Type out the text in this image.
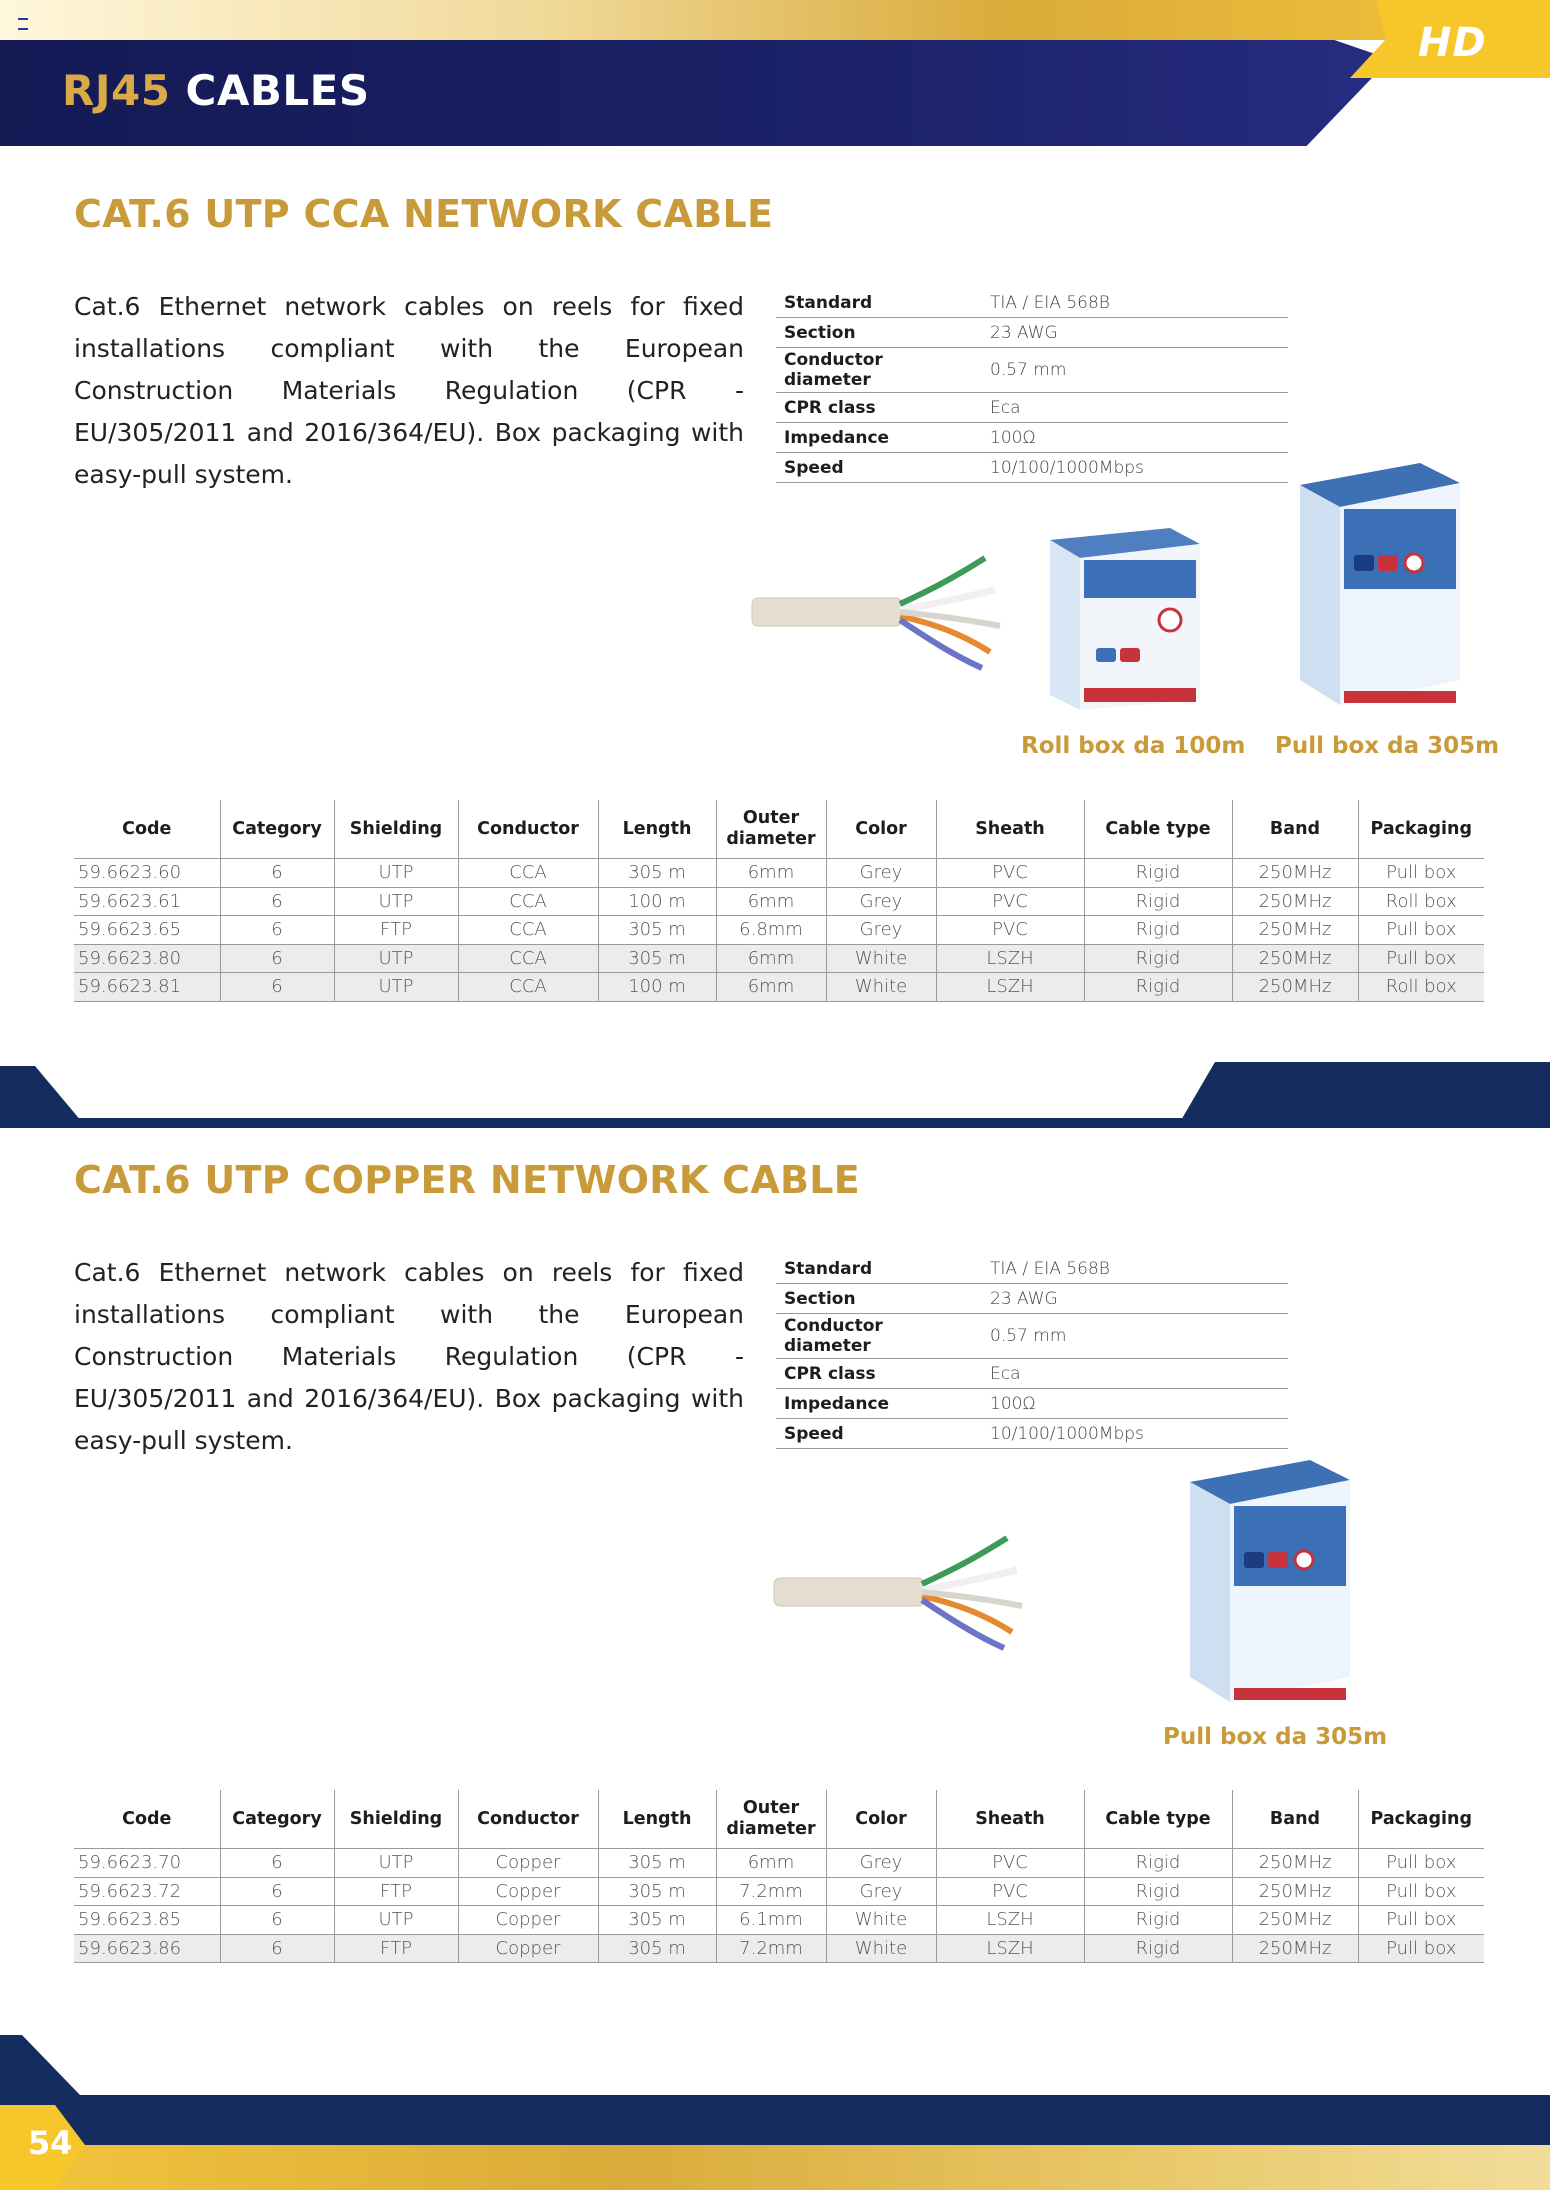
HD
RJ45 CABLES
CAT.6 UTP CCA NETWORK CABLE
Cat.6 Ethernet network cables on reels for fixed installations compliant with the European Construction Materials Regulation (CPR - EU/305/2011 and 2016/364/EU). Box packaging with easy-pull system.
Standard	TIA / EIA 568B
Section	23 AWG
Conductor diameter	0.57 mm
CPR class	Eca
Impedance	100Ω
Speed	10/100/1000Mbps
Roll box da 100m Pull box da 305m
Code	Category	Shielding	Conductor	Length	Outer diameter	Color	Sheath	Cable type	Band	Packaging
59.6623.60	6	UTP	CCA	305 m	6mm	Grey	PVC	Rigid	250MHz	Pull box
59.6623.61	6	UTP	CCA	100 m	6mm	Grey	PVC	Rigid	250MHz	Roll box
59.6623.65	6	FTP	CCA	305 m	6.8mm	Grey	PVC	Rigid	250MHz	Pull box
59.6623.80	6	UTP	CCA	305 m	6mm	White	LSZH	Rigid	250MHz	Pull box
59.6623.81	6	UTP	CCA	100 m	6mm	White	LSZH	Rigid	250MHz	Roll box
CAT.6 UTP COPPER NETWORK CABLE
Cat.6 Ethernet network cables on reels for fixed installations compliant with the European Construction Materials Regulation (CPR - EU/305/2011 and 2016/364/EU). Box packaging with easy-pull system.
Standard	TIA / EIA 568B
Section	23 AWG
Conductor diameter	0.57 mm
CPR class	Eca
Impedance	100Ω
Speed	10/100/1000Mbps
Pull box da 305m
Code	Category	Shielding	Conductor	Length	Outer diameter	Color	Sheath	Cable type	Band	Packaging
59.6623.70	6	UTP	Copper	305 m	6mm	Grey	PVC	Rigid	250MHz	Pull box
59.6623.72	6	FTP	Copper	305 m	7.2mm	Grey	PVC	Rigid	250MHz	Pull box
59.6623.85	6	UTP	Copper	305 m	6.1mm	White	LSZH	Rigid	250MHz	Pull box
59.6623.86	6	FTP	Copper	305 m	7.2mm	White	LSZH	Rigid	250MHz	Pull box
54
